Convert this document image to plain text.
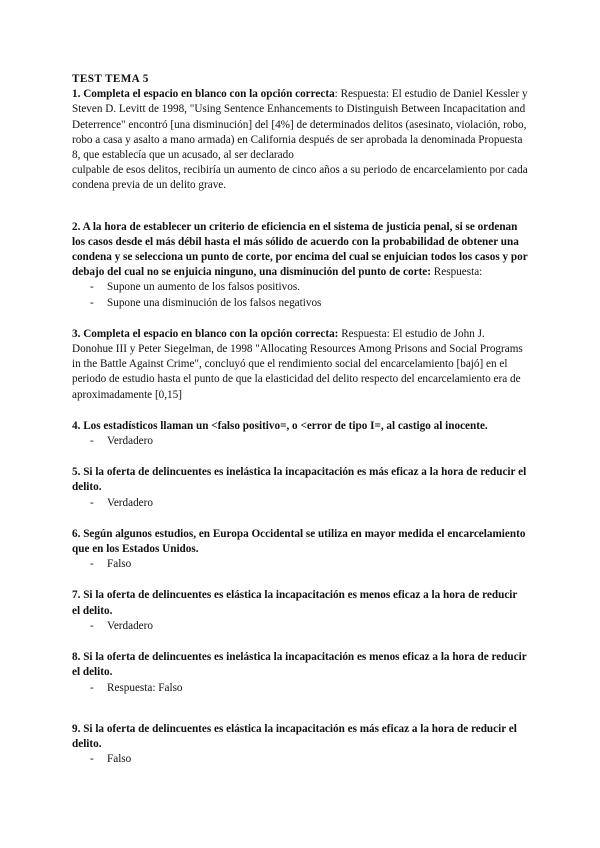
TEST TEMA 5

1. Completa el espacio en blanco con la opción correcta: Respuesta: El estudio de Daniel Kessler y Steven D. Levitt de 1998, "Using Sentence Enhancements to Distinguish Between Incapacitation and Deterrence" encontró [una disminución] del [4%] de determinados delitos (asesinato, violación, robo, robo a casa y asalto a mano armada) en California después de ser aprobada la denominada Propuesta 8, que establecía que un acusado, al ser declarado

culpable de esos delitos, recibiría un aumento de cinco años a su periodo de encarcelamiento por cada condena previa de un delito grave.

2. A la hora de establecer un criterio de eficiencia en el sistema de justicia penal, si se ordenan los casos desde el más débil hasta el más sólido de acuerdo con la probabilidad de obtener una condena y se selecciona un punto de corte, por encima del cual se enjuician todos los casos y por debajo del cual no se enjuicia ninguno, una disminución del punto de corte: Respuesta:

- Supone un aumento de los falsos positivos.
- Supone una disminución de los falsos negativos

3. Completa el espacio en blanco con la opción correcta: Respuesta: El estudio de John J. Donohue III y Peter Siegelman, de 1998 "Allocating Resources Among Prisons and Social Programs in the Battle Against Crime", concluyó que el rendimiento social del encarcelamiento [bajó] en el periodo de estudio hasta el punto de que la elasticidad del delito respecto del encarcelamiento era de aproximadamente [0,15]

4. Los estadísticos llaman un <falso positivo=, o <error de tipo I=, al castigo al inocente.

- Verdadero

5. Si la oferta de delincuentes es inelástica la incapacitación es más eficaz a la hora de reducir el delito.

- Verdadero

6. Según algunos estudios, en Europa Occidental se utiliza en mayor medida el encarcelamiento que en los Estados Unidos.

- Falso

7. Si la oferta de delincuentes es elástica la incapacitación es menos eficaz a la hora de reducir el delito.

- Verdadero

8. Si la oferta de delincuentes es inelástica la incapacitación es menos eficaz a la hora de reducir el delito.

- Respuesta: Falso

9. Si la oferta de delincuentes es elástica la incapacitación es más eficaz a la hora de reducir el delito.

- Falso
